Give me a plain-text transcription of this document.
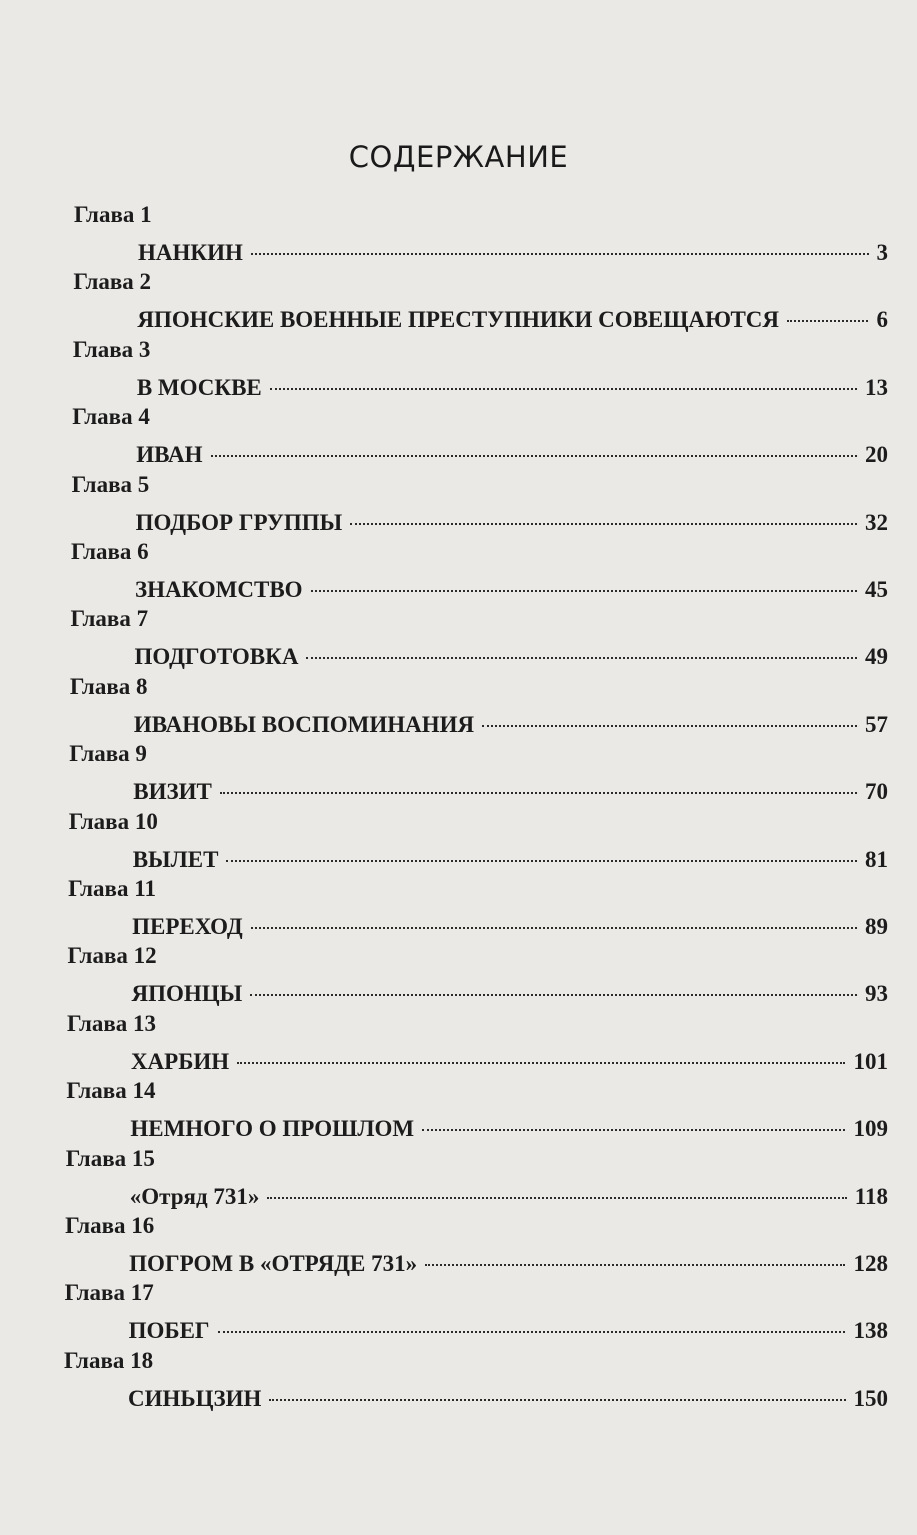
СОДЕРЖАНИЕ
Глава 1
НАНКИН	3
Глава 2
ЯПОНСКИЕ ВОЕННЫЕ ПРЕСТУПНИКИ СОВЕЩАЮТСЯ	6
Глава 3
В МОСКВЕ	13
Глава 4
ИВАН	20
Глава 5
ПОДБОР ГРУППЫ	32
Глава 6
ЗНАКОМСТВО	45
Глава 7
ПОДГОТОВКА	49
Глава 8
ИВАНОВЫ ВОСПОМИНАНИЯ	57
Глава 9
ВИЗИТ	70
Глава 10
ВЫЛЕТ	81
Глава 11
ПЕРЕХОД	89
Глава 12
ЯПОНЦЫ	93
Глава 13
ХАРБИН	101
Глава 14
НЕМНОГО О ПРОШЛОМ	109
Глава 15
«Отряд 731»	118
Глава 16
ПОГРОМ В «ОТРЯДЕ 731»	128
Глава 17
ПОБЕГ	138
Глава 18
СИНЬЦЗИН	150
